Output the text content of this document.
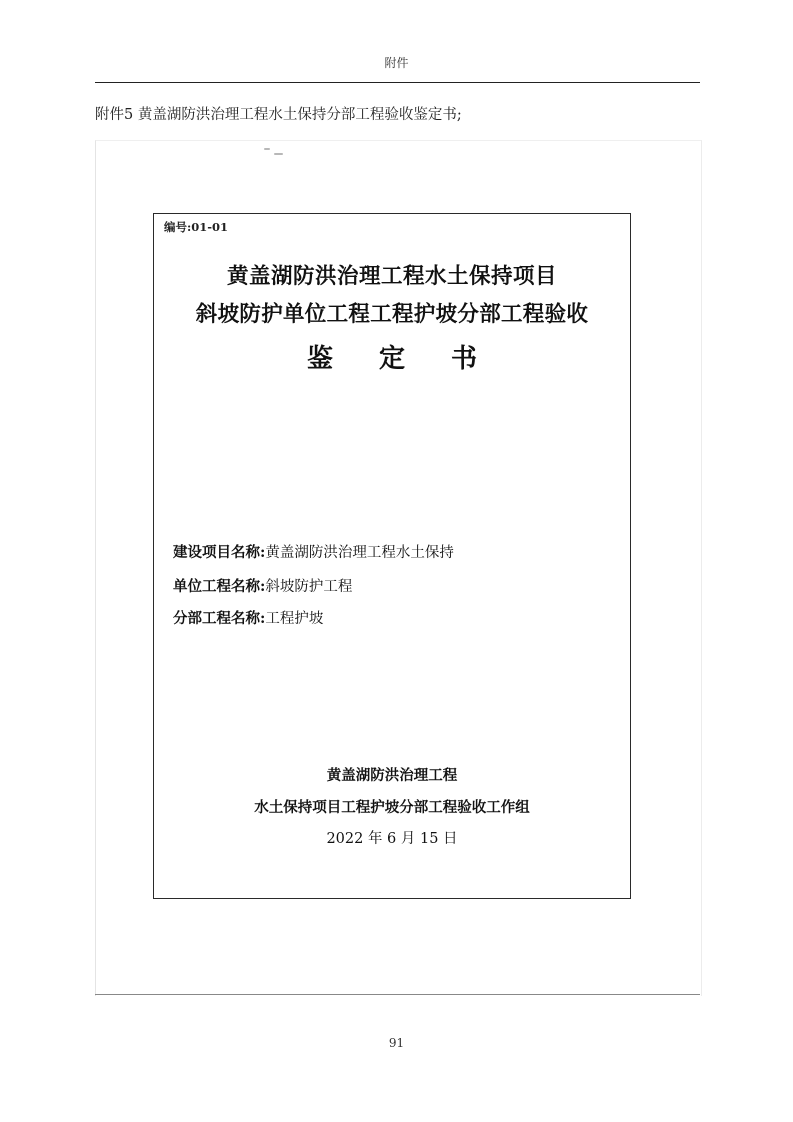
附件
附件5 黄盖湖防洪治理工程水土保持分部工程验收鉴定书;
编号:01-01
黄盖湖防洪治理工程水土保持项目
斜坡防护单位工程工程护坡分部工程验收
鉴定书
建设项目名称:黄盖湖防洪治理工程水土保持
单位工程名称:斜坡防护工程
分部工程名称:工程护坡
黄盖湖防洪治理工程
水土保持项目工程护坡分部工程验收工作组
2022 年 6 月 15 日
91
